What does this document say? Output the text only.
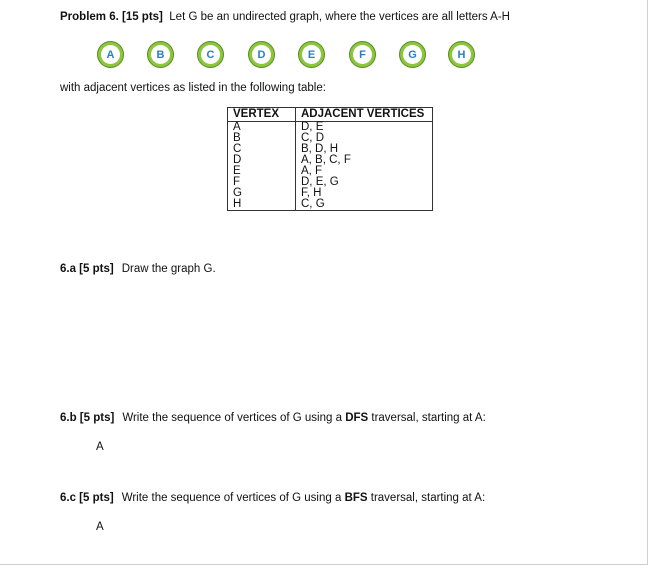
Problem 6. [15 pts] Let G be an undirected graph, where the vertices are all letters A-H
A	B	C	D	E	F	G	H
with adjacent vertices as listed in the following table:
VERTEX	ADJACENT VERTICES
A	D, E
B	C, D
C	B, D, H
D	A, B, C, F
E	A, F
F	D, E, G
G	F, H
H	C, G
6.a [5 pts] Draw the graph G.
6.b [5 pts] Write the sequence of vertices of G using a DFS traversal, starting at A:
A
6.c [5 pts] Write the sequence of vertices of G using a BFS traversal, starting at A:
A
